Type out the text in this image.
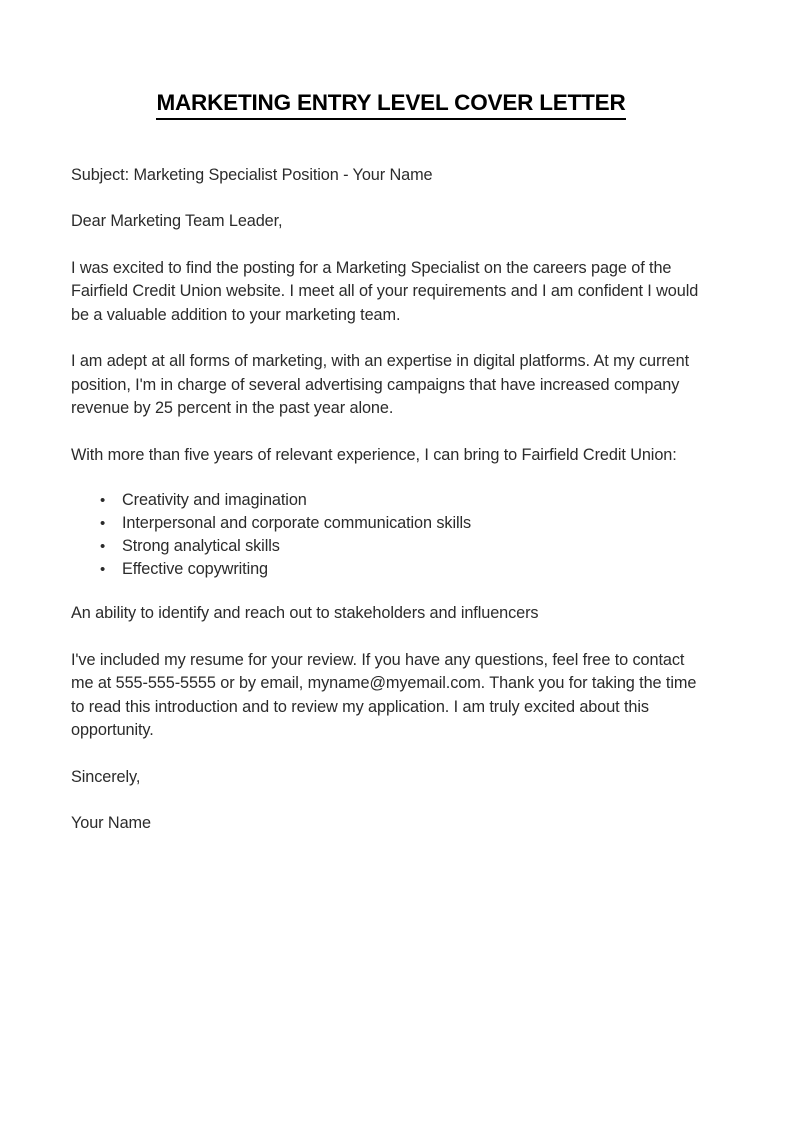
MARKETING ENTRY LEVEL COVER LETTER

Subject: Marketing Specialist Position - Your Name

Dear Marketing Team Leader,

I was excited to find the posting for a Marketing Specialist on the careers page of the Fairfield Credit Union website. I meet all of your requirements and I am confident I would be a valuable addition to your marketing team.

I am adept at all forms of marketing, with an expertise in digital platforms. At my current position, I'm in charge of several advertising campaigns that have increased company revenue by 25 percent in the past year alone.

With more than five years of relevant experience, I can bring to Fairfield Credit Union:

• Creativity and imagination
• Interpersonal and corporate communication skills
• Strong analytical skills
• Effective copywriting

An ability to identify and reach out to stakeholders and influencers

I've included my resume for your review. If you have any questions, feel free to contact me at 555-555-5555 or by email, myname@myemail.com. Thank you for taking the time to read this introduction and to review my application. I am truly excited about this opportunity.

Sincerely,

Your Name
